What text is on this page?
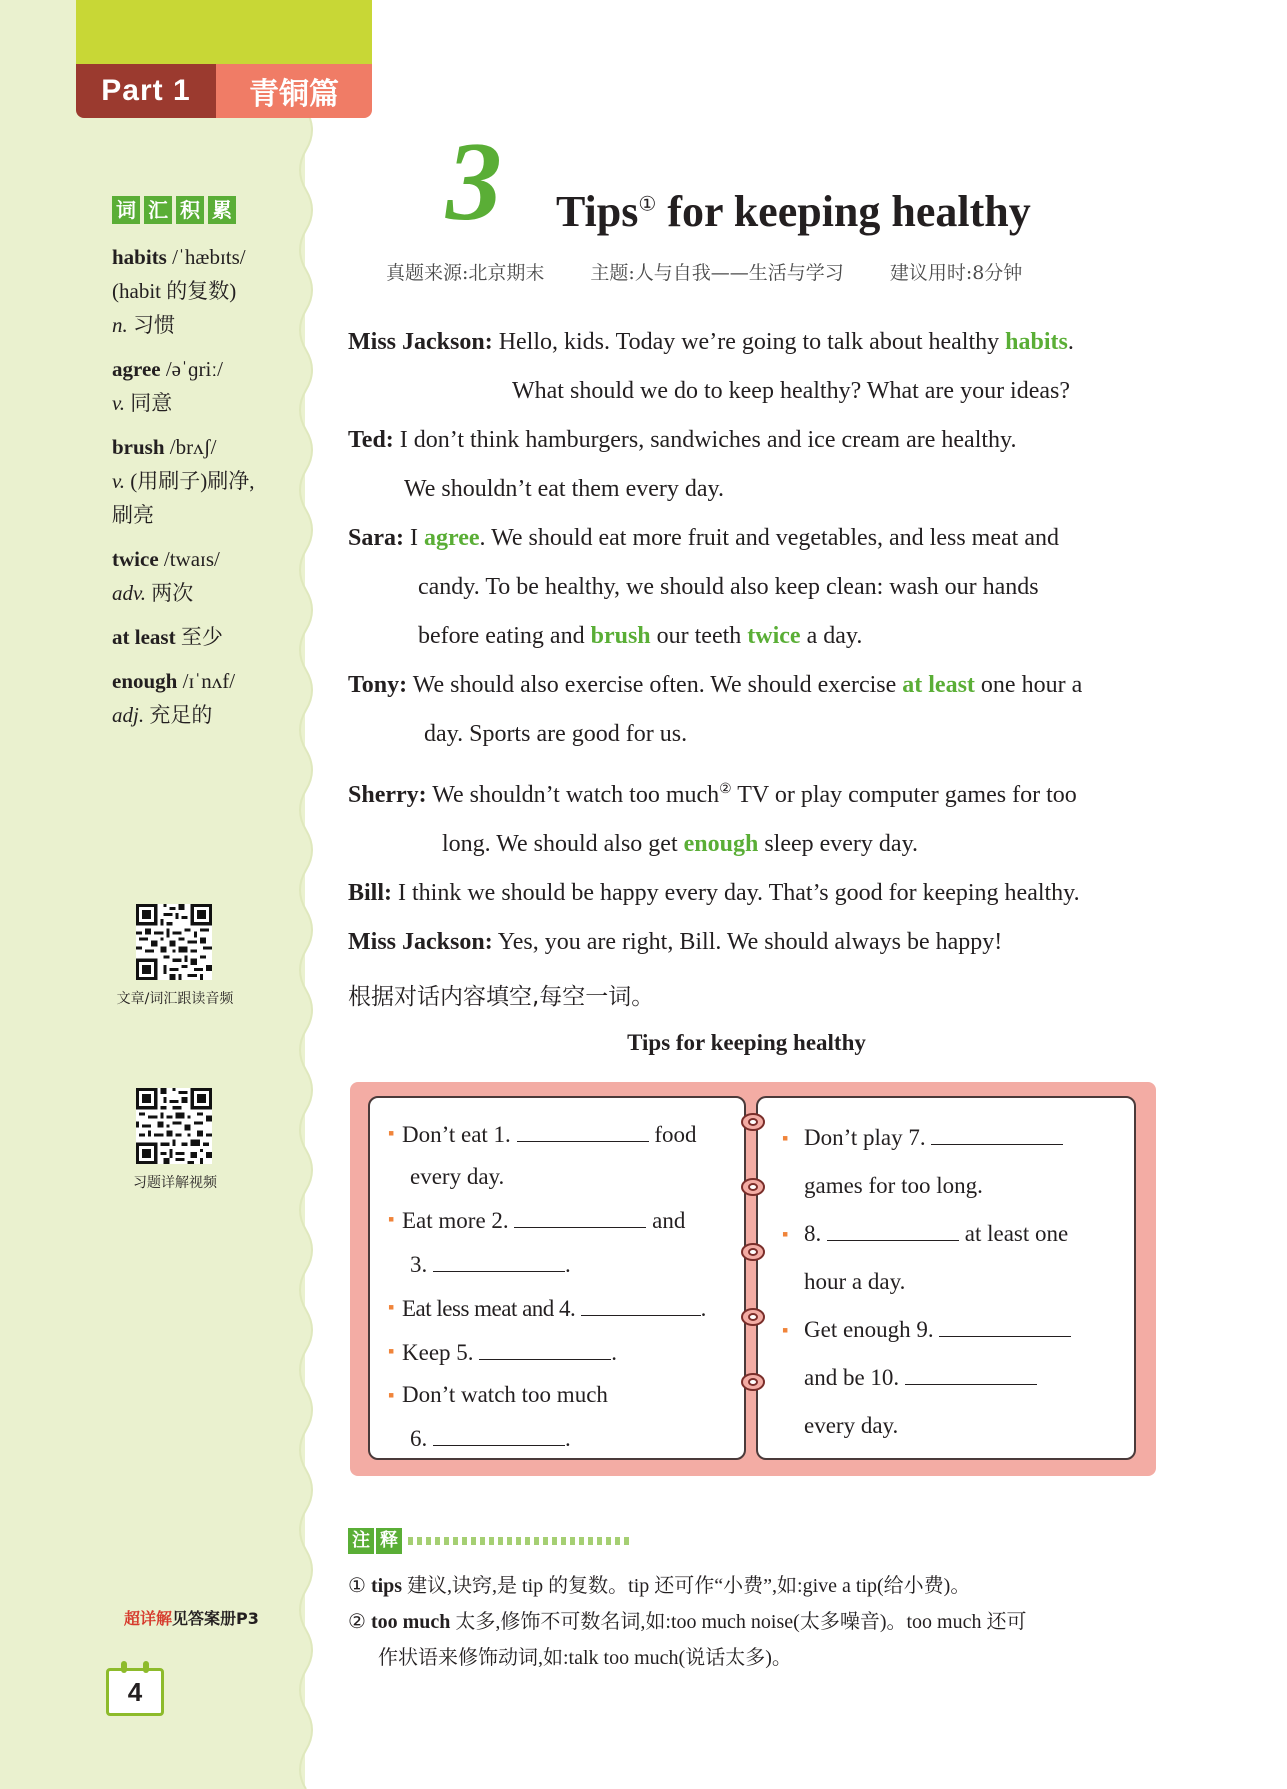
Part 1	青铜篇
词 汇 积 累
habits /ˈhæbɪts/
(habit 的复数)
n. 习惯
agree /əˈɡriː/
v. 同意
brush /brʌʃ/
v. (用刷子)刷净,
刷亮
twice /twaɪs/
adv. 两次
at least 至少
enough /ɪˈnʌf/
adj. 充足的
文章/词汇跟读音频
习题详解视频
超详解见答案册P3
4
3 Tips① for keeping healthy
真题来源:北京期末 主题:人与自我——生活与学习 建议用时:8分钟
Miss Jackson: Hello, kids. Today we’re going to talk about healthy habits.
What should we do to keep healthy? What are your ideas?
Ted: I don’t think hamburgers, sandwiches and ice cream are healthy.
We shouldn’t eat them every day.
Sara: I agree. We should eat more fruit and vegetables, and less meat and
candy. To be healthy, we should also keep clean: wash our hands
before eating and brush our teeth twice a day.
Tony: We should also exercise often. We should exercise at least one hour a
day. Sports are good for us.
Sherry: We shouldn’t watch too much② TV or play computer games for too
long. We should also get enough sleep every day.
Bill: I think we should be happy every day. That’s good for keeping healthy.
Miss Jackson: Yes, you are right, Bill. We should always be happy!
根据对话内容填空,每空一词。
Tips for keeping healthy
▪ Don’t eat 1.	food
every day.
▪ Eat more 2.	and
3.	.
▪ Eat less meat and 4.	.
▪ Keep 5.	.
▪ Don’t watch too much
6.	.
▪ Don’t play 7.
games for too long.
▪ 8.	at least one
hour a day.
▪ Get enough 9.
and be 10.
every day.
注 释
① tips 建议,诀窍,是 tip 的复数。tip 还可作“小费”,如:give a tip(给小费)。
② too much 太多,修饰不可数名词,如:too much noise(太多噪音)。too much 还可
作状语来修饰动词,如:talk too much(说话太多)。
